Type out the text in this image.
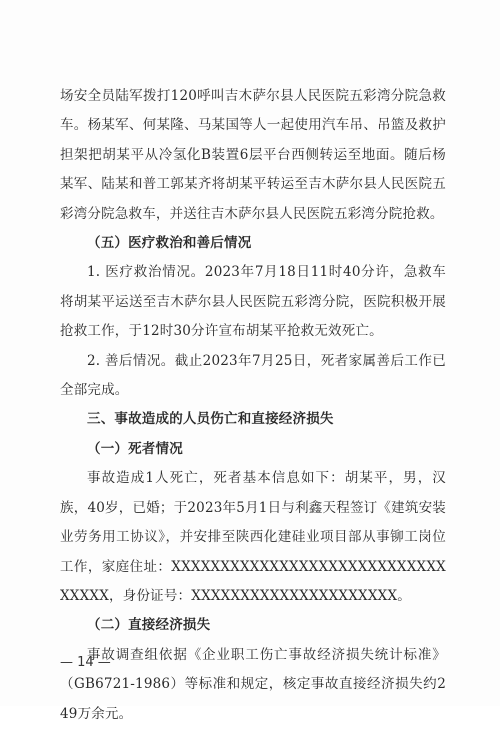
场安全员陆军拨打120呼叫吉木萨尔县人民医院五彩湾分院急救车。杨某军、何某隆、马某国等人一起使用汽车吊、吊篮及救护担架把胡某平从冷氢化B装置6层平台西侧转运至地面。随后杨某军、陆某和普工郭某齐将胡某平转运至吉木萨尔县人民医院五彩湾分院急救车，并送往吉木萨尔县人民医院五彩湾分院抢救。

（五）医疗救治和善后情况

1. 医疗救治情况。2023年7月18日11时40分许，急救车将胡某平运送至吉木萨尔县人民医院五彩湾分院，医院积极开展抢救工作，于12时30分许宣布胡某平抢救无效死亡。

2. 善后情况。截止2023年7月25日，死者家属善后工作已全部完成。

三、事故造成的人员伤亡和直接经济损失

（一）死者情况

事故造成1人死亡，死者基本信息如下：胡某平，男，汉族，40岁，已婚；于2023年5月1日与利鑫天程签订《建筑安装业劳务用工协议》，并安排至陕西化建硅业项目部从事铆工岗位工作，家庭住址：XXXXXXXXXXXXXXXXXXXXXXXXXXXXXXXXX，身份证号：XXXXXXXXXXXXXXXXXXXXX。

（二）直接经济损失

事故调查组依据《企业职工伤亡事故经济损失统计标准》（GB6721-1986）等标准和规定，核定事故直接经济损失约249万余元。

— 14 —
